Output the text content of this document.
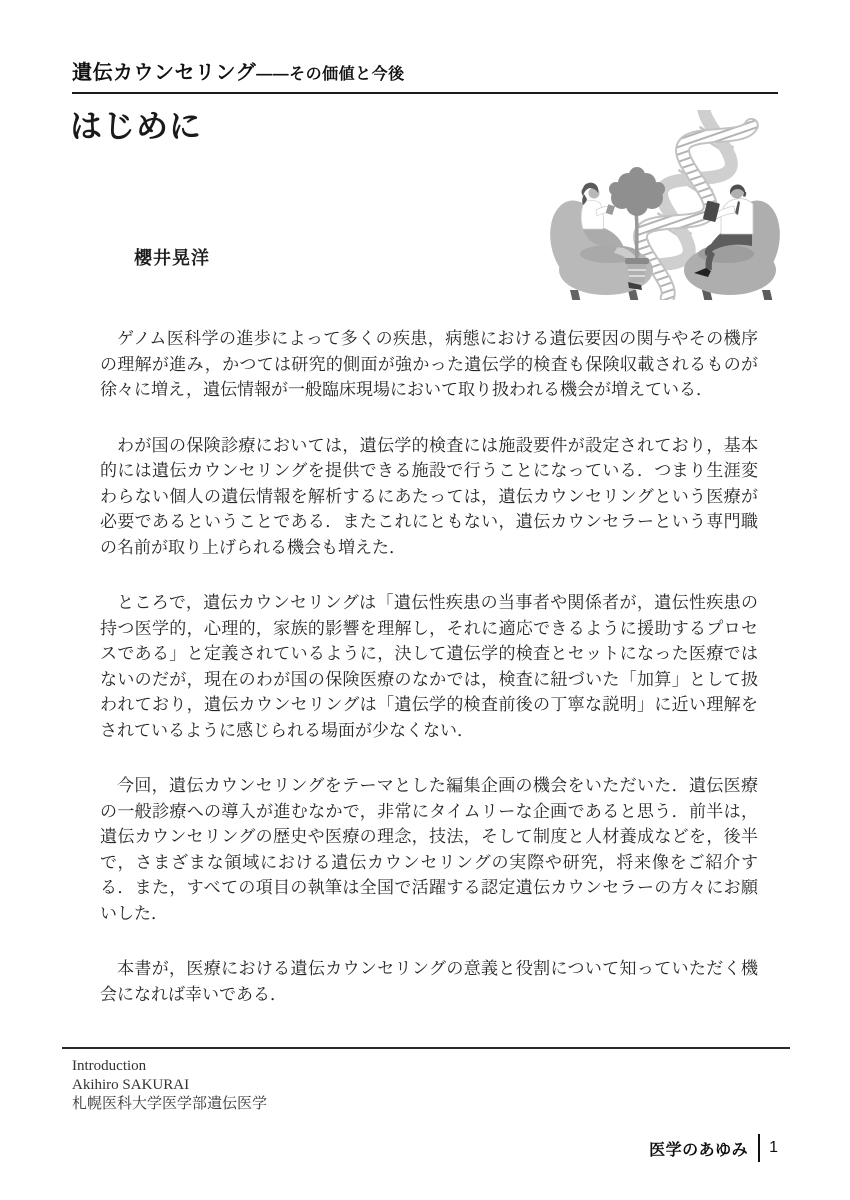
遺伝カウンセリング——その価値と今後
はじめに
櫻井晃洋

ゲノム医科学の進歩によって多くの疾患，病態における遺伝要因の関与やその機序の理解が進み，かつては研究的側面が強かった遺伝学的検査も保険収載されるものが徐々に増え，遺伝情報が一般臨床現場において取り扱われる機会が増えている．

わが国の保険診療においては，遺伝学的検査には施設要件が設定されており，基本的には遺伝カウンセリングを提供できる施設で行うことになっている．つまり生涯変わらない個人の遺伝情報を解析するにあたっては，遺伝カウンセリングという医療が必要であるということである．またこれにともない，遺伝カウンセラーという専門職の名前が取り上げられる機会も増えた．

ところで，遺伝カウンセリングは「遺伝性疾患の当事者や関係者が，遺伝性疾患の持つ医学的，心理的，家族的影響を理解し，それに適応できるように援助するプロセスである」と定義されているように，決して遺伝学的検査とセットになった医療ではないのだが，現在のわが国の保険医療のなかでは，検査に紐づいた「加算」として扱われており，遺伝カウンセリングは「遺伝学的検査前後の丁寧な説明」に近い理解をされているように感じられる場面が少なくない．

今回，遺伝カウンセリングをテーマとした編集企画の機会をいただいた．遺伝医療の一般診療への導入が進むなかで，非常にタイムリーな企画であると思う．前半は，遺伝カウンセリングの歴史や医療の理念，技法，そして制度と人材養成などを，後半で，さまざまな領域における遺伝カウンセリングの実際や研究，将来像をご紹介する．また，すべての項目の執筆は全国で活躍する認定遺伝カウンセラーの方々にお願いした．

本書が，医療における遺伝カウンセリングの意義と役割について知っていただく機会になれば幸いである．

Introduction
Akihiro SAKURAI
札幌医科大学医学部遺伝医学
医学のあゆみ 1
